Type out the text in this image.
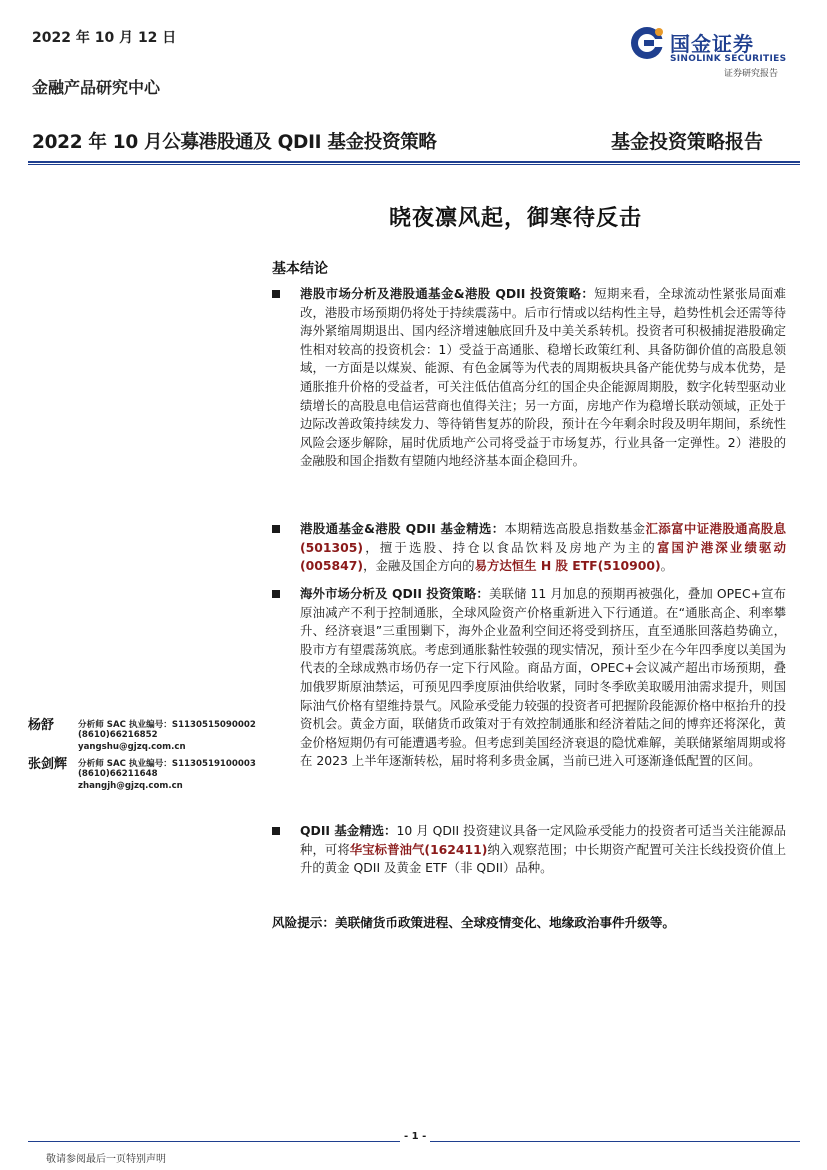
2022 年 10 月 12 日
金融产品研究中心
国金证券
SINOLINK SECURITIES
证券研究报告
2022 年 10 月公募港股通及 QDII 基金投资策略	基金投资策略报告
晓夜凛风起，御寒待反击
基本结论
港股市场分析及港股通基金&港股 QDII 投资策略：短期来看，全球流动性紧张局面难改，港股市场预期仍将处于持续震荡中。后市行情或以结构性主导，趋势性机会还需等待海外紧缩周期退出、国内经济增速触底回升及中美关系转机。投资者可积极捕捉港股确定性相对较高的投资机会：1）受益于高通胀、稳增长政策红利、具备防御价值的高股息领域，一方面是以煤炭、能源、有色金属等为代表的周期板块具备产能优势与成本优势，是通胀推升价格的受益者，可关注低估值高分红的国企央企能源周期股，数字化转型驱动业绩增长的高股息电信运营商也值得关注；另一方面，房地产作为稳增长联动领域，正处于边际改善政策持续发力、等待销售复苏的阶段，预计在今年剩余时段及明年期间，系统性风险会逐步解除，届时优质地产公司将受益于市场复苏，行业具备一定弹性。2）港股的金融股和国企指数有望随内地经济基本面企稳回升。
港股通基金&港股 QDII 基金精选：本期精选高股息指数基金汇添富中证港股通高股息(501305)，擅于选股、持仓以食品饮料及房地产为主的富国沪港深业绩驱动(005847)，金融及国企方向的易方达恒生 H 股 ETF(510900)。
海外市场分析及 QDII 投资策略：美联储 11 月加息的预期再被强化，叠加 OPEC+宣布原油减产不利于控制通胀，全球风险资产价格重新进入下行通道。在“通胀高企、利率攀升、经济衰退”三重围剿下，海外企业盈利空间还将受到挤压，直至通胀回落趋势确立，股市方有望震荡筑底。考虑到通胀黏性较强的现实情况，预计至少在今年四季度以美国为代表的全球成熟市场仍存一定下行风险。商品方面，OPEC+会议减产超出市场预期，叠加俄罗斯原油禁运，可预见四季度原油供给收紧，同时冬季欧美取暖用油需求提升，则国际油气价格有望维持景气。风险承受能力较强的投资者可把握阶段能源价格中枢抬升的投资机会。黄金方面，联储货币政策对于有效控制通胀和经济着陆之间的博弈还将深化，黄金价格短期仍有可能遭遇考验。但考虑到美国经济衰退的隐忧难解，美联储紧缩周期或将在 2023 上半年逐渐转松，届时将利多贵金属，当前已进入可逐渐逢低配置的区间。
QDII 基金精选：10 月 QDII 投资建议具备一定风险承受能力的投资者可适当关注能源品种，可将华宝标普油气(162411)纳入观察范围；中长期资产配置可关注长线投资价值上升的黄金 QDII 及黄金 ETF（非 QDII）品种。
风险提示：美联储货币政策进程、全球疫情变化、地缘政治事件升级等。
杨舒	分析师 SAC 执业编号：S1130515090002
(8610)66216852
yangshu@gjzq.com.cn
张剑辉 分析师 SAC 执业编号：S1130519100003
(8610)66211648
zhangjh@gjzq.com.cn
- 1 -
敬请参阅最后一页特别声明
